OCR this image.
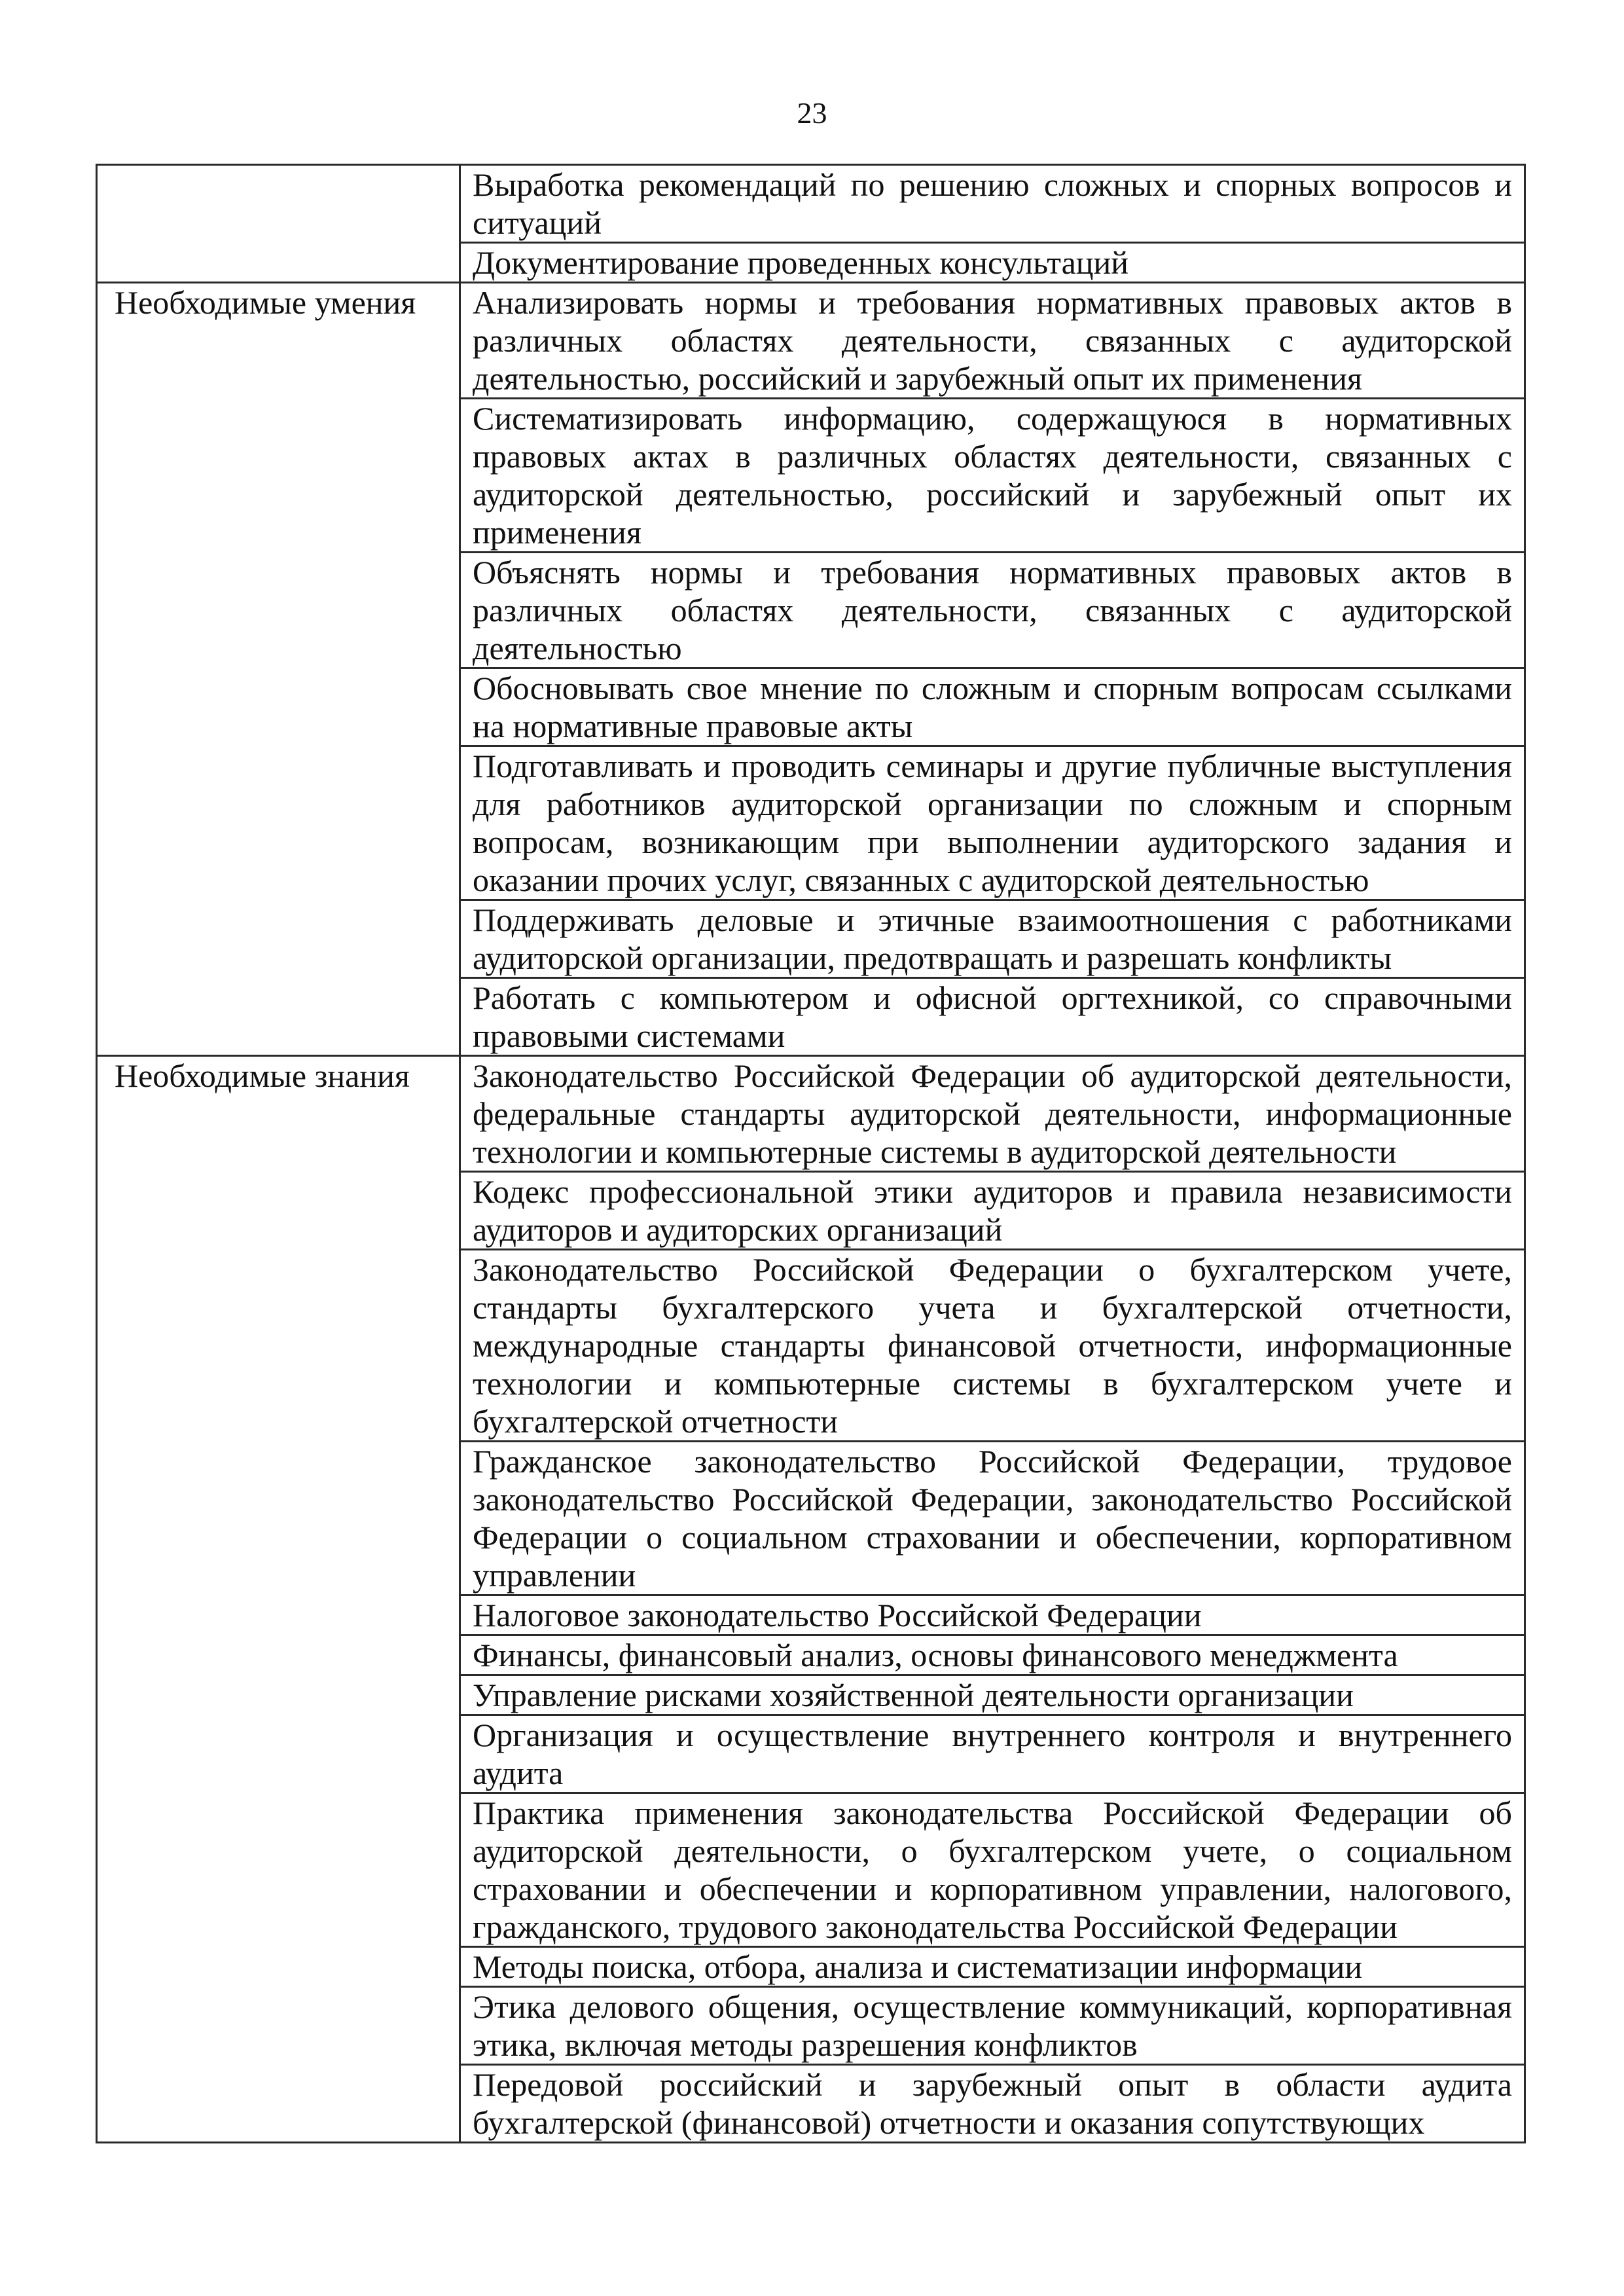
23
	Выработка рекомендаций по решению сложных и спорных вопросов и ситуаций
	Документирование проведенных консультаций
Необходимые умения	Анализировать нормы и требования нормативных правовых актов в различных областях деятельности, связанных с аудиторской деятельностью, российский и зарубежный опыт их применения
	Систематизировать информацию, содержащуюся в нормативных правовых актах в различных областях деятельности, связанных с аудиторской деятельностью, российский и зарубежный опыт их применения
	Объяснять нормы и требования нормативных правовых актов в различных областях деятельности, связанных с аудиторской деятельностью
	Обосновывать свое мнение по сложным и спорным вопросам ссылками на нормативные правовые акты
	Подготавливать и проводить семинары и другие публичные выступления для работников аудиторской организации по сложным и спорным вопросам, возникающим при выполнении аудиторского задания и оказании прочих услуг, связанных с аудиторской деятельностью
	Поддерживать деловые и этичные взаимоотношения с работниками аудиторской организации, предотвращать и разрешать конфликты
	Работать с компьютером и офисной оргтехникой, со справочными правовыми системами
Необходимые знания	Законодательство Российской Федерации об аудиторской деятельности, федеральные стандарты аудиторской деятельности, информационные технологии и компьютерные системы в аудиторской деятельности
	Кодекс профессиональной этики аудиторов и правила независимости аудиторов и аудиторских организаций
	Законодательство Российской Федерации о бухгалтерском учете, стандарты бухгалтерского учета и бухгалтерской отчетности, международные стандарты финансовой отчетности, информационные технологии и компьютерные системы в бухгалтерском учете и бухгалтерской отчетности
	Гражданское законодательство Российской Федерации, трудовое законодательство Российской Федерации, законодательство Российской Федерации о социальном страховании и обеспечении, корпоративном управлении
	Налоговое законодательство Российской Федерации
	Финансы, финансовый анализ, основы финансового менеджмента
	Управление рисками хозяйственной деятельности организации
	Организация и осуществление внутреннего контроля и внутреннего аудита
	Практика применения законодательства Российской Федерации об аудиторской деятельности, о бухгалтерском учете, о социальном страховании и обеспечении и корпоративном управлении, налогового, гражданского, трудового законодательства Российской Федерации
	Методы поиска, отбора, анализа и систематизации информации
	Этика делового общения, осуществление коммуникаций, корпоративная этика, включая методы разрешения конфликтов
	Передовой российский и зарубежный опыт в области аудита бухгалтерской (финансовой) отчетности и оказания сопутствующих
